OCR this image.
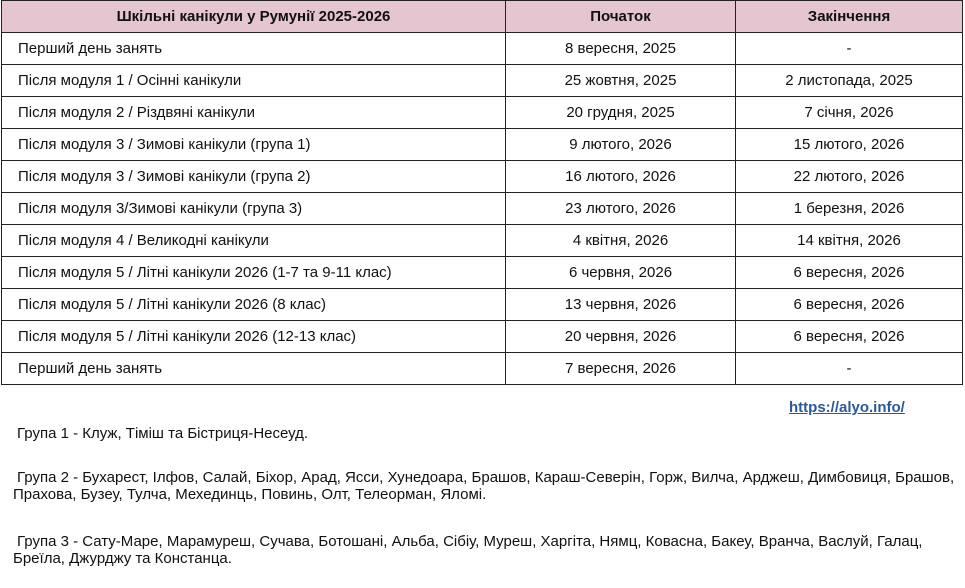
Шкільні канікули у Румунії 2025-2026	Початок	Закінчення
Перший день занять	8 вересня, 2025	-
Після модуля 1 / Осінні канікули	25 жовтня, 2025	2 листопада, 2025
Після модуля 2 / Різдвяні канікули	20 грудня, 2025	7 січня, 2026
Після модуля 3 / Зимові канікули (група 1)	9 лютого, 2026	15 лютого, 2026
Після модуля 3 / Зимові канікули (група 2)	16 лютого, 2026	22 лютого, 2026
Після модуля 3/Зимові канікули (група 3)	23 лютого, 2026	1 березня, 2026
Після модуля 4 / Великодні канікули	4 квітня, 2026	14 квітня, 2026
Після модуля 5 / Літні канікули 2026 (1-7 та 9-11 клас)	6 червня, 2026	6 вересня, 2026
Після модуля 5 / Літні канікули 2026 (8 клас)	13 червня, 2026	6 вересня, 2026
Після модуля 5 / Літні канікули 2026 (12-13 клас)	20 червня, 2026	6 вересня, 2026
Перший день занять	7 вересня, 2026	-
https://alyo.info/
Група 1 - Клуж, Тіміш та Бістриця-Несеуд.
Група 2 - Бухарест, Ілфов, Салай, Біхор, Арад, Ясси, Хунедоара, Брашов, Караш-Северін, Горж, Вилча, Арджеш, Димбовиця, Брашов, Прахова, Бузеу, Тулча, Мехединць, Повинь, Олт, Телеорман, Яломі.
Група 3 - Сату-Маре, Марамуреш, Сучава, Ботошані, Альба, Сібіу, Муреш, Харгіта, Нямц, Ковасна, Бакеу, Вранча, Васлуй, Галац, Бреїла, Джурджу та Констанца.
